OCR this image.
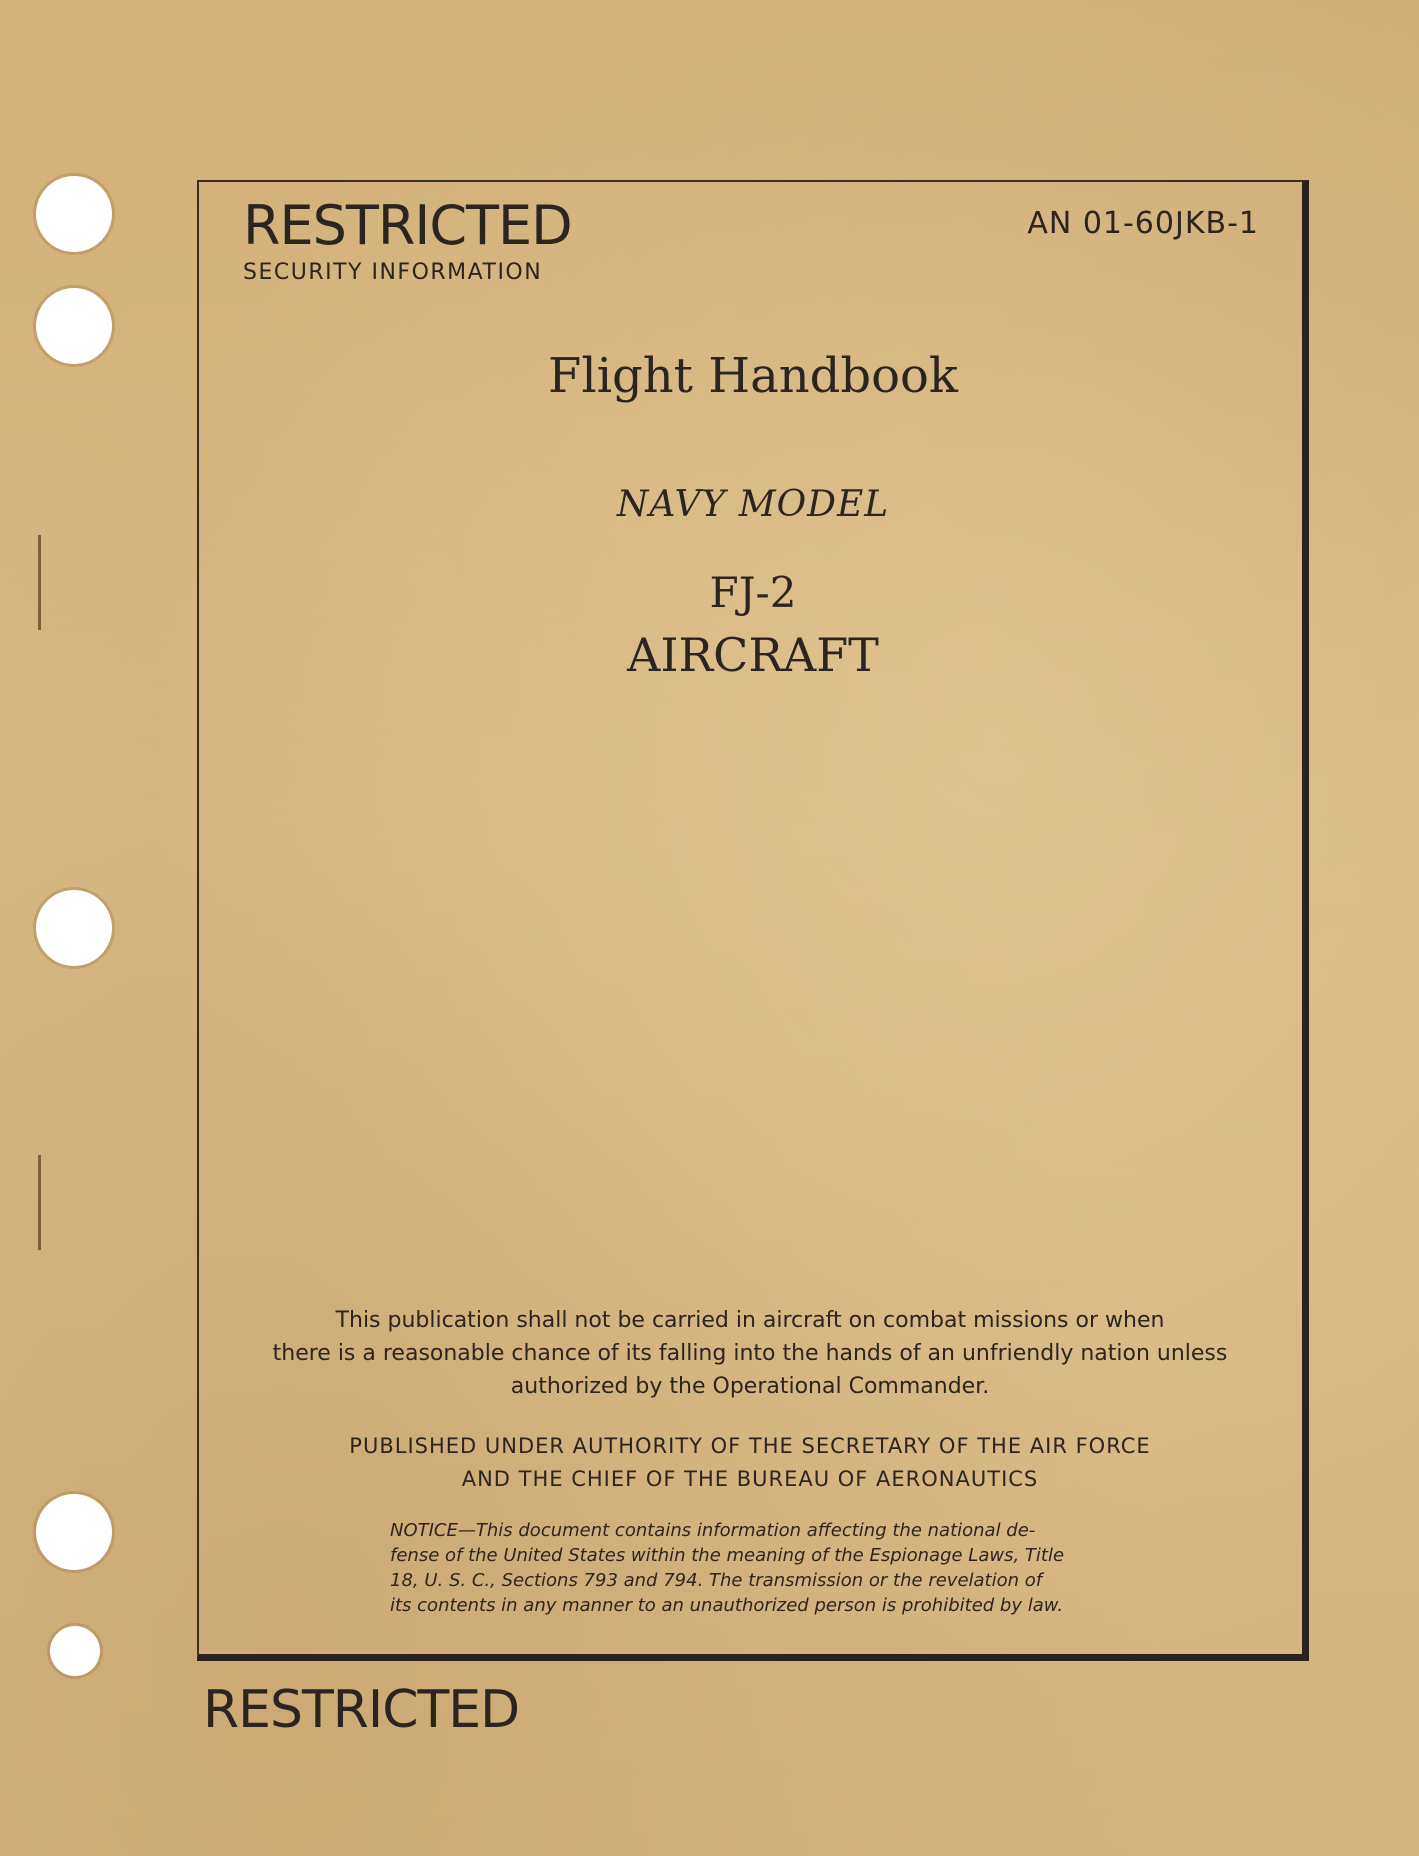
RESTRICTED
SECURITY INFORMATION
AN 01-60JKB-1
Flight Handbook
NAVY MODEL
FJ-2
AIRCRAFT
This publication shall not be carried in aircraft on combat missions or when
there is a reasonable chance of its falling into the hands of an unfriendly nation unless
authorized by the Operational Commander.
PUBLISHED UNDER AUTHORITY OF THE SECRETARY OF THE AIR FORCE
AND THE CHIEF OF THE BUREAU OF AERONAUTICS
NOTICE—This document contains information affecting the national de-
fense of the United States within the meaning of the Espionage Laws, Title
18, U. S. C., Sections 793 and 794. The transmission or the revelation of
its contents in any manner to an unauthorized person is prohibited by law.
RESTRICTED
